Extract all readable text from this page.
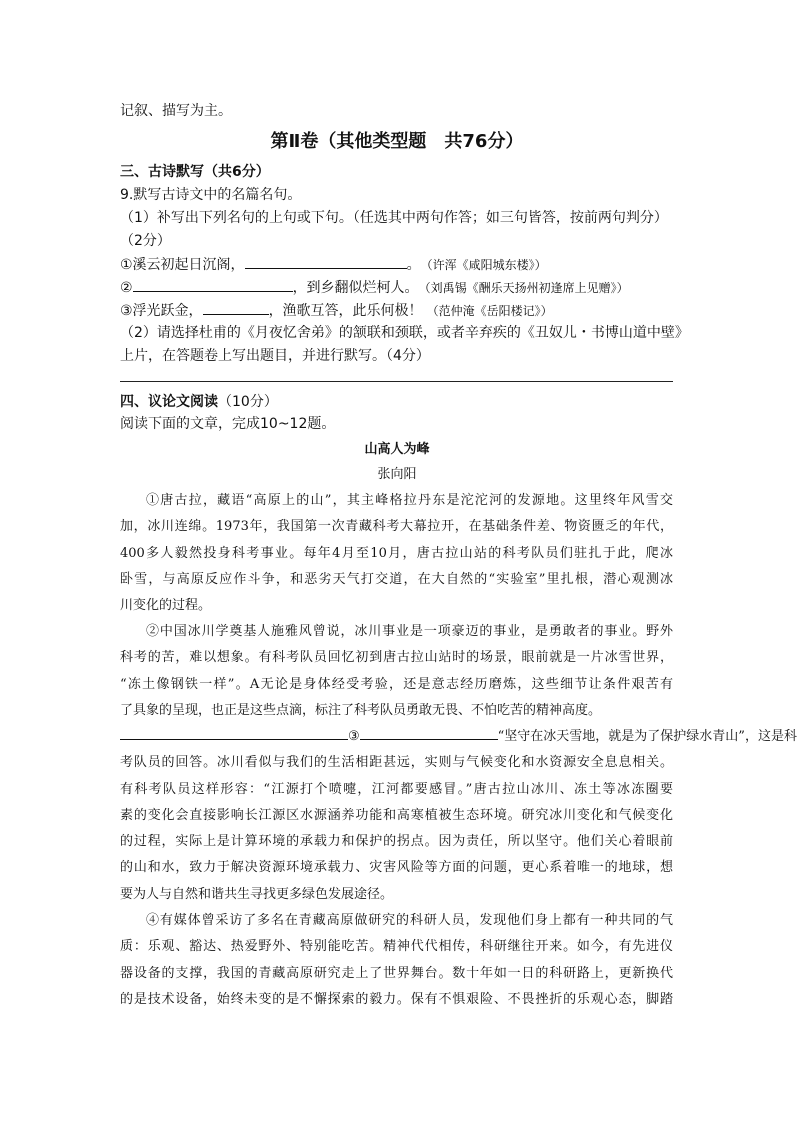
记叙、描写为主。
第Ⅱ卷（其他类型题　共76分）
三、古诗默写（共6分）
9.默写古诗文中的名篇名句。
（1）补写出下列名句的上句或下句。（任选其中两句作答；如三句皆答，按前两句判分）
（2分）
①溪云初起日沉阁，	。 （许浑《咸阳城东楼》）
②	，到乡翻似烂柯人。 （刘禹锡《酬乐天扬州初逢席上见赠》）
③浮光跃金，	，渔歌互答，此乐何极！ （范仲淹《岳阳楼记》）
（2）请选择杜甫的《月夜忆舍弟》的颔联和颈联，或者辛弃疾的《丑奴儿・书博山道中壁》
上片，在答题卷上写出题目，并进行默写。（4分）
四、议论文阅读（10分）
阅读下面的文章，完成10~12题。
山高人为峰
张向阳
①唐古拉，藏语“高原上的山”，其主峰格拉丹东是沱沱河的发源地。这里终年风雪交
加，冰川连绵。1973年，我国第一次青藏科考大幕拉开，在基础条件差、物资匮乏的年代，
400多人毅然投身科考事业。每年4月至10月，唐古拉山站的科考队员们驻扎于此，爬冰
卧雪，与高原反应作斗争，和恶劣天气打交道，在大自然的“实验室”里扎根，潜心观测冰
川变化的过程。
②中国冰川学奠基人施雅风曾说，冰川事业是一项豪迈的事业，是勇敢者的事业。野外
科考的苦，难以想象。有科考队员回忆初到唐古拉山站时的场景，眼前就是一片冰雪世界，
“冻土像钢铁一样”。A无论是身体经受考验，还是意志经历磨炼，这些细节让条件艰苦有
了具象的呈现，也正是这些点滴，标注了科考队员勇敢无畏、不怕吃苦的精神高度。
③	“坚守在冰天雪地，就是为了保护绿水青山”，这是科
考队员的回答。冰川看似与我们的生活相距甚远，实则与气候变化和水资源安全息息相关。
有科考队员这样形容：“江源打个喷嚏，江河都要感冒。”唐古拉山冰川、冻土等冰冻圈要
素的变化会直接影响长江源区水源涵养功能和高寒植被生态环境。研究冰川变化和气候变化
的过程，实际上是计算环境的承载力和保护的拐点。因为责任，所以坚守。他们关心着眼前
的山和水，致力于解决资源环境承载力、灾害风险等方面的问题，更心系着唯一的地球，想
要为人与自然和谐共生寻找更多绿色发展途径。
④有媒体曾采访了多名在青藏高原做研究的科研人员，发现他们身上都有一种共同的气
质：乐观、豁达、热爱野外、特别能吃苦。精神代代相传，科研继往开来。如今，有先进仪
器设备的支撑，我国的青藏高原研究走上了世界舞台。数十年如一日的科研路上，更新换代
的是技术设备，始终未变的是不懈探索的毅力。保有不惧艰险、不畏挫折的乐观心态，脚踏
